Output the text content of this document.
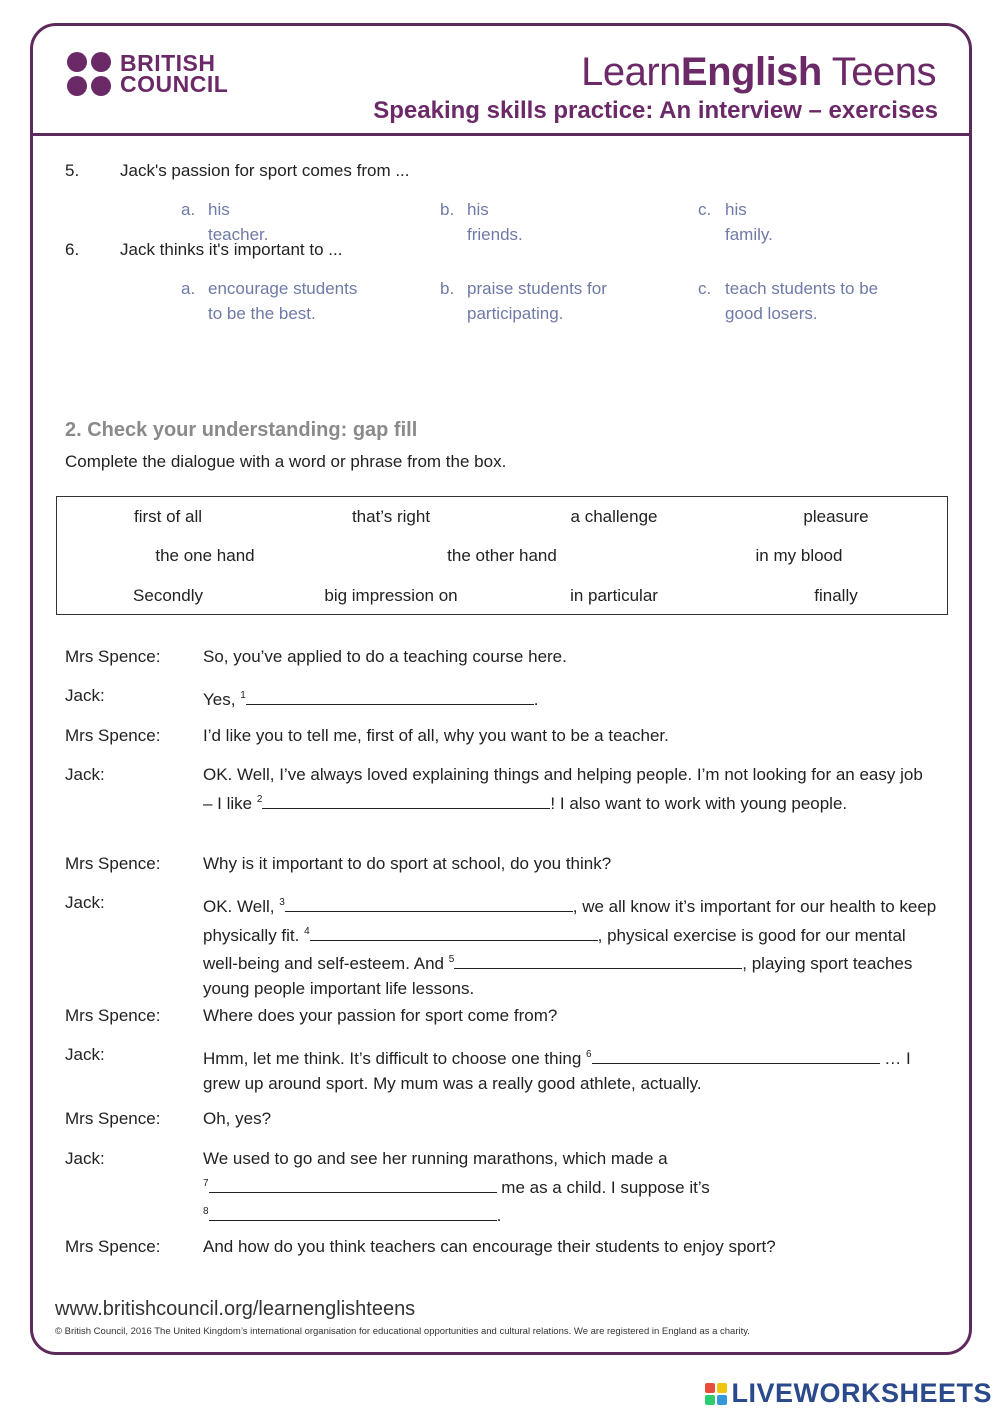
BRITISH
COUNCIL	LearnEnglish Teens
Speaking skills practice: An interview – exercises
5. Jack's passion for sport comes from ...
a. his teacher.
b. his friends.
c. his family.
6. Jack thinks it's important to ...
a. encourage students
to be the best.
b. praise students for
participating.
c. teach students to be
good losers.
2. Check your understanding: gap fill
Complete the dialogue with a word or phrase from the box.
first of all	that’s right	a challenge	pleasure
the one hand	the other hand	in my blood
Secondly	big impression on	in particular	finally
Mrs Spence:	So, you’ve applied to do a teaching course here.
Jack:	Yes, $^1$	.
Mrs Spence:	I’d like you to tell me, first of all, why you want to be a teacher.
Jack:	OK. Well, I’ve always loved explaining things and helping people. I’m not looking for an easy job – I like $^2$	! I also want to work with young people.
Mrs Spence:	Why is it important to do sport at school, do you think?
Jack:	OK. Well, $^3$	, we all know it’s important for our health to keep physically fit. $^4$	, physical exercise is good for our mental well-being and self-esteem. And $^5$	, playing sport teaches young people important life lessons.
Mrs Spence:	Where does your passion for sport come from?
Jack:	Hmm, let me think. It’s difficult to choose one thing $^6$	… I grew up around sport. My mum was a really good athlete, actually.
Mrs Spence:	Oh, yes?
Jack:	We used to go and see her running marathons, which made a
$^7$	me as a child. I suppose it’s
$^8$	.
Mrs Spence:	And how do you think teachers can encourage their students to enjoy sport?
www.britishcouncil.org/learnenglishteens
© British Council, 2016 The United Kingdom’s international organisation for educational opportunities and cultural relations. We are registered in England as a charity.
LIVEWORKSHEETS
